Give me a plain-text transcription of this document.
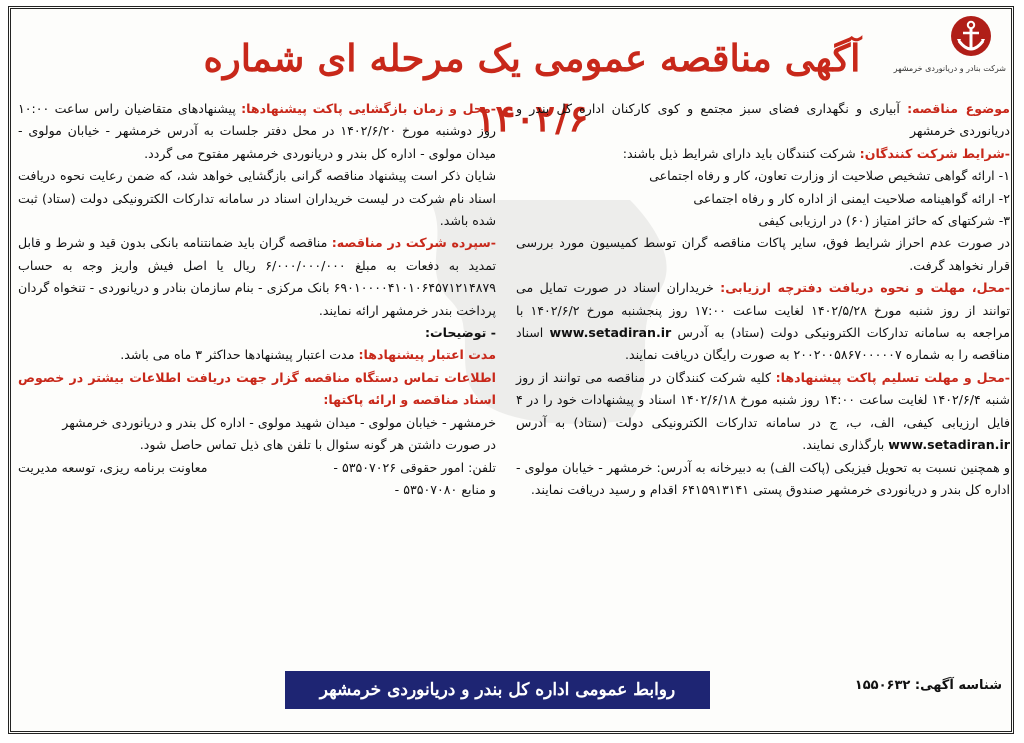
شرکت بنادر و دریانوردی خرمشهر
آگهی مناقصه عمومی یک مرحله ای شماره ۱۴۰۲/۶	موضوع مناقصه: آبیاری و نگهداری فضای سبز مجتمع و کوی کارکنان اداره کل بندر و دریانوردی خرمشهر

-شرایط شرکت کنندگان: شرکت کنندگان باید دارای شرایط ذیل باشند:

۱- ارائه گواهی تشخیص صلاحیت از وزارت تعاون، کار و رفاه اجتماعی

۲- ارائه گواهینامه صلاحیت ایمنی از اداره کار و رفاه اجتماعی

۳- شرکتهای که حائز امتیاز (۶۰) در ارزیابی کیفی

در صورت عدم احراز شرایط فوق، سایر پاکات مناقصه گران توسط کمیسیون مورد بررسی قرار نخواهد گرفت.

-محل، مهلت و نحوه دریافت دفترچه ارزیابی: خریداران اسناد در صورت تمایل می توانند از روز شنبه مورخ ۱۴۰۲/۵/۲۸ لغایت ساعت ۱۷:۰۰ روز پنجشنبه مورخ ۱۴۰۲/۶/۲ با مراجعه به سامانه تدارکات الکترونیکی دولت (ستاد) به آدرس www.setadiran.ir اسناد مناقصه را به شماره ۲۰۰۲۰۰۵۸۶۷۰۰۰۰۰۷ به صورت رایگان دریافت نمایند.

-محل و مهلت تسلیم پاکت پیشنهادها: کلیه شرکت کنندگان در مناقصه می توانند از روز شنبه ۱۴۰۲/۶/۴ لغایت ساعت ۱۴:۰۰ روز شنبه مورخ ۱۴۰۲/۶/۱۸ اسناد و پیشنهادات خود را در ۴ فایل ارزیابی کیفی، الف، ب، ج در سامانه تدارکات الکترونیکی دولت (ستاد) به آدرس www.setadiran.ir بارگذاری نمایند.

و همچنین نسبت به تحویل فیزیکی (پاکت الف) به دبیرخانه به آدرس: خرمشهر - خیابان مولوی - اداره کل بندر و دریانوردی خرمشهر صندوق پستی ۶۴۱۵۹۱۳۱۴۱ اقدام و رسید دریافت نمایند.

-محل و زمان بازگشایی پاکت پیشنهادها: پیشنهادهای متقاضیان راس ساعت ۱۰:۰۰ روز دوشنبه مورخ ۱۴۰۲/۶/۲۰ در محل دفتر جلسات به آدرس خرمشهر - خیابان مولوی - میدان مولوی - اداره کل بندر و دریانوردی خرمشهر مفتوح می گردد.

شایان ذکر است پیشنهاد مناقصه گرانی بازگشایی خواهد شد، که ضمن رعایت نحوه دریافت اسناد نام شرکت در لیست خریداران اسناد در سامانه تدارکات الکترونیکی دولت (ستاد) ثبت شده باشد.

-سپرده شرکت در مناقصه: مناقصه گران باید ضمانتنامه بانکی بدون قید و شرط و قابل تمدید به دفعات به مبلغ ۶/۰۰۰/۰۰۰/۰۰۰ ریال یا اصل فیش واریز وجه به حساب ۶۹۰۱۰۰۰۰۴۱۰۱۰۶۴۵۷۱۲۱۴۸۷۹ بانک مرکزی - بنام سازمان بنادر و دریانوردی - تنخواه گردان پرداخت بندر خرمشهر ارائه نمایند.

- توضیحات:

مدت اعتبار پیشنهادها: مدت اعتبار پیشنهادها حداکثر ۳ ماه می باشد.

اطلاعات تماس دستگاه مناقصه گزار جهت دریافت اطلاعات بیشتر در خصوص اسناد مناقصه و ارائه پاکتها:

خرمشهر - خیابان مولوی - میدان شهید مولوی - اداره کل بندر و دریانوردی خرمشهر

در صورت داشتن هر گونه سئوال با تلفن های ذیل تماس حاصل شود.

تلفن: امور حقوقی ۵۳۵۰۷۰۲۶ -
معاونت برنامه ریزی، توسعه مدیریت

و منابع ۵۳۵۰۷۰۸۰ -

روابط عمومی اداره کل بندر و دریانوردی خرمشهر	شناسه آگهی: ۱۵۵۰۶۳۲
